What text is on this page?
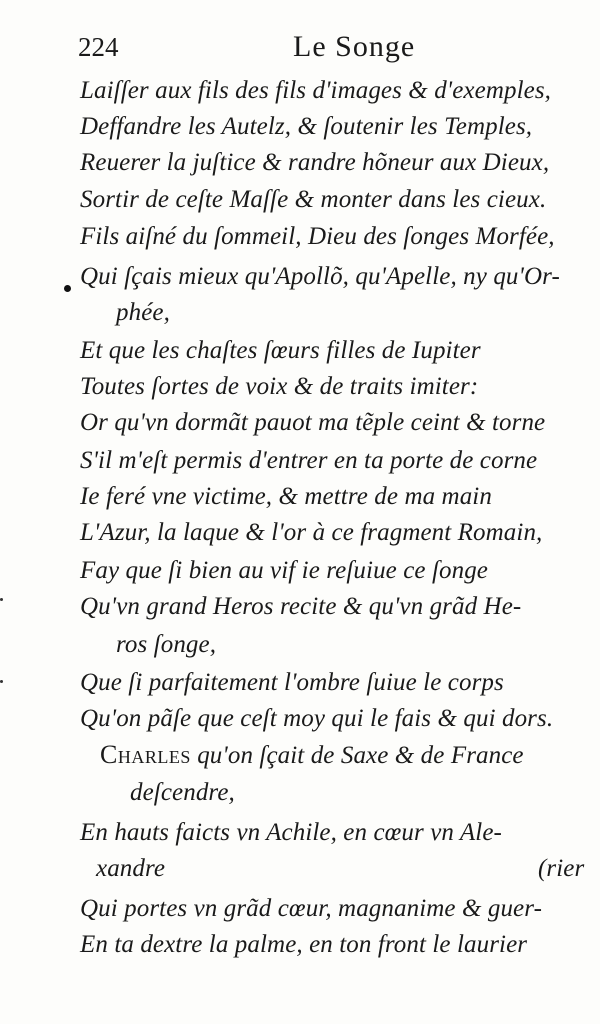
224	Le Songe
Laiſſer aux fils des fils d'images & d'exemples,
Deffandre les Autelz, & ſoutenir les Temples,
Reuerer la juſtice & randre hõneur aux Dieux,
Sortir de ceſte Maſſe & monter dans les cieux.
Fils aiſné du ſommeil, Dieu des ſonges Morfée,
Qui ſçais mieux qu'Apollõ, qu'Apelle, ny qu'Or-
phée,
Et que les chaſtes ſœurs filles de Iupiter
Toutes ſortes de voix & de traits imiter:
Or qu'vn dormãt pauot ma tẽple ceint & torne
S'il m'eſt permis d'entrer en ta porte de corne
Ie feré vne victime, & mettre de ma main
L'Azur, la laque & l'or à ce fragment Romain,
Fay que ſi bien au vif ie reſuiue ce ſonge
Qu'vn grand Heros recite & qu'vn grãd He-
ros ſonge,
Que ſi parfaitement l'ombre ſuiue le corps
Qu'on pãſe que ceſt moy qui le fais & qui dors.
Charles qu'on ſçait de Saxe & de France
deſcendre,
En hauts faicts vn Achile, en cœur vn Ale-
xandre	(rier
Qui portes vn grãd cœur, magnanime & guer-
En ta dextre la palme, en ton front le laurier
